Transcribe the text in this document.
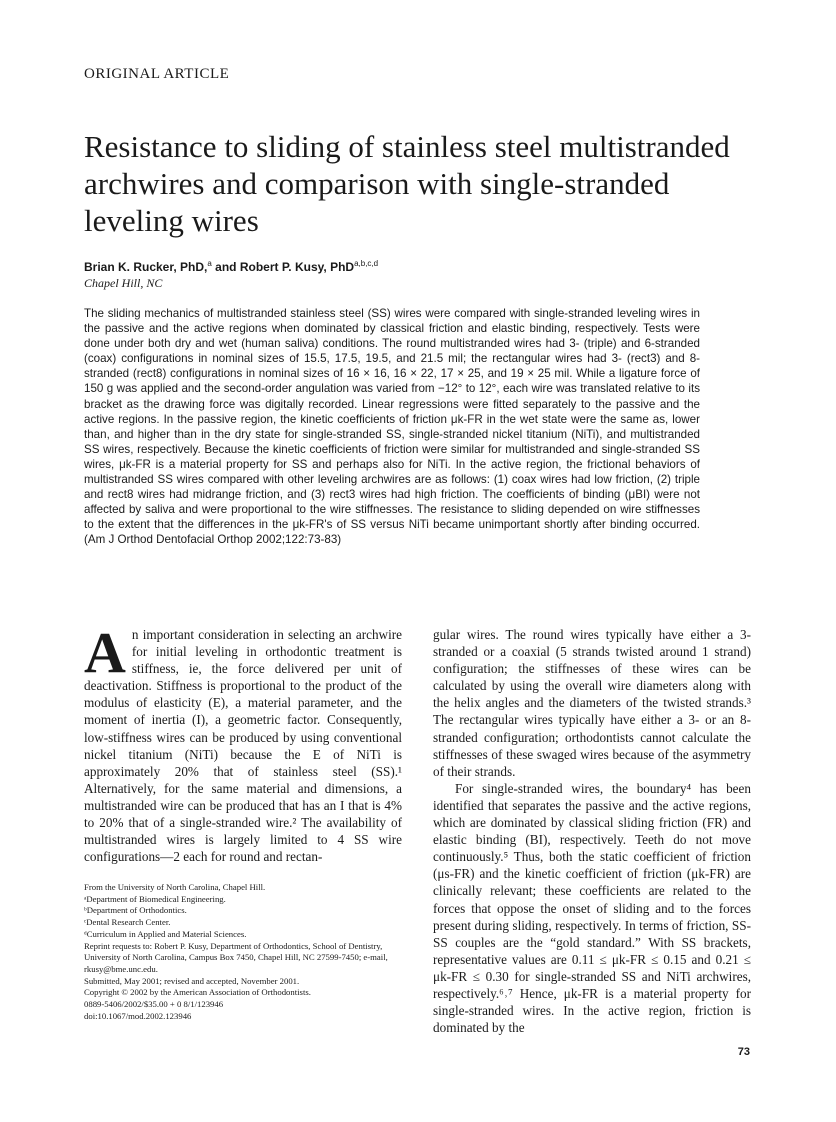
ORIGINAL ARTICLE
Resistance to sliding of stainless steel multistranded archwires and comparison with single-stranded leveling wires
Brian K. Rucker, PhD,$^a$ and Robert P. Kusy, PhD$^{a,b,c,d}$
Chapel Hill, NC
The sliding mechanics of multistranded stainless steel (SS) wires were compared with single-stranded leveling wires in the passive and the active regions when dominated by classical friction and elastic binding, respectively. Tests were done under both dry and wet (human saliva) conditions. The round multistranded wires had 3- (triple) and 6-stranded (coax) configurations in nominal sizes of 15.5, 17.5, 19.5, and 21.5 mil; the rectangular wires had 3- (rect3) and 8-stranded (rect8) configurations in nominal sizes of 16 × 16, 16 × 22, 17 × 25, and 19 × 25 mil. While a ligature force of 150 g was applied and the second-order angulation was varied from −12° to 12°, each wire was translated relative to its bracket as the drawing force was digitally recorded. Linear regressions were fitted separately to the passive and the active regions. In the passive region, the kinetic coefficients of friction μk-FR in the wet state were the same as, lower than, and higher than in the dry state for single-stranded SS, single-stranded nickel titanium (NiTi), and multistranded SS wires, respectively. Because the kinetic coefficients of friction were similar for multistranded and single-stranded SS wires, μk-FR is a material property for SS and perhaps also for NiTi. In the active region, the frictional behaviors of multistranded SS wires compared with other leveling archwires are as follows: (1) coax wires had low friction, (2) triple and rect8 wires had midrange friction, and (3) rect3 wires had high friction. The coefficients of binding (μBI) were not affected by saliva and were proportional to the wire stiffnesses. The resistance to sliding depended on wire stiffnesses to the extent that the differences in the μk-FR's of SS versus NiTi became unimportant shortly after binding occurred. (Am J Orthod Dentofacial Orthop 2002;122:73-83)

An important consideration in selecting an archwire for initial leveling in orthodontic treatment is stiffness, ie, the force delivered per unit of deactivation. Stiffness is proportional to the product of the modulus of elasticity (E), a material parameter, and the moment of inertia (I), a geometric factor. Consequently, low-stiffness wires can be produced by using conventional nickel titanium (NiTi) because the E of NiTi is approximately 20% that of stainless steel (SS).¹ Alternatively, for the same material and dimensions, a multistranded wire can be produced that has an I that is 4% to 20% that of a single-stranded wire.² The availability of multistranded wires is largely limited to 4 SS wire configurations—2 each for round and rectan-

gular wires. The round wires typically have either a 3-stranded or a coaxial (5 strands twisted around 1 strand) configuration; the stiffnesses of these wires can be calculated by using the overall wire diameters along with the helix angles and the diameters of the twisted strands.³ The rectangular wires typically have either a 3- or an 8-stranded configuration; orthodontists cannot calculate the stiffnesses of these swaged wires because of the asymmetry of their strands.

For single-stranded wires, the boundary⁴ has been identified that separates the passive and the active regions, which are dominated by classical sliding friction (FR) and elastic binding (BI), respectively. Teeth do not move continuously.⁵ Thus, both the static coefficient of friction (μs-FR) and the kinetic coefficient of friction (μk-FR) are clinically relevant; these coefficients are related to the forces that oppose the onset of sliding and to the forces present during sliding, respectively. In terms of friction, SS-SS couples are the “gold standard.” With SS brackets, representative values are 0.11 ≤ μk-FR ≤ 0.15 and 0.21 ≤ μk-FR ≤ 0.30 for single-stranded SS and NiTi archwires, respectively.⁶˒⁷ Hence, μk-FR is a material property for single-stranded wires. In the active region, friction is dominated by the

From the University of North Carolina, Chapel Hill.
ᵃDepartment of Biomedical Engineering.
ᵇDepartment of Orthodontics.
ᶜDental Research Center.
ᵈCurriculum in Applied and Material Sciences.
Reprint requests to: Robert P. Kusy, Department of Orthodontics, School of Dentistry, University of North Carolina, Campus Box 7450, Chapel Hill, NC 27599-7450; e-mail, rkusy@bme.unc.edu.
Submitted, May 2001; revised and accepted, November 2001.
Copyright © 2002 by the American Association of Orthodontists.
0889-5406/2002/$35.00 + 0 8/1/123946
doi:10.1067/mod.2002.123946
73
